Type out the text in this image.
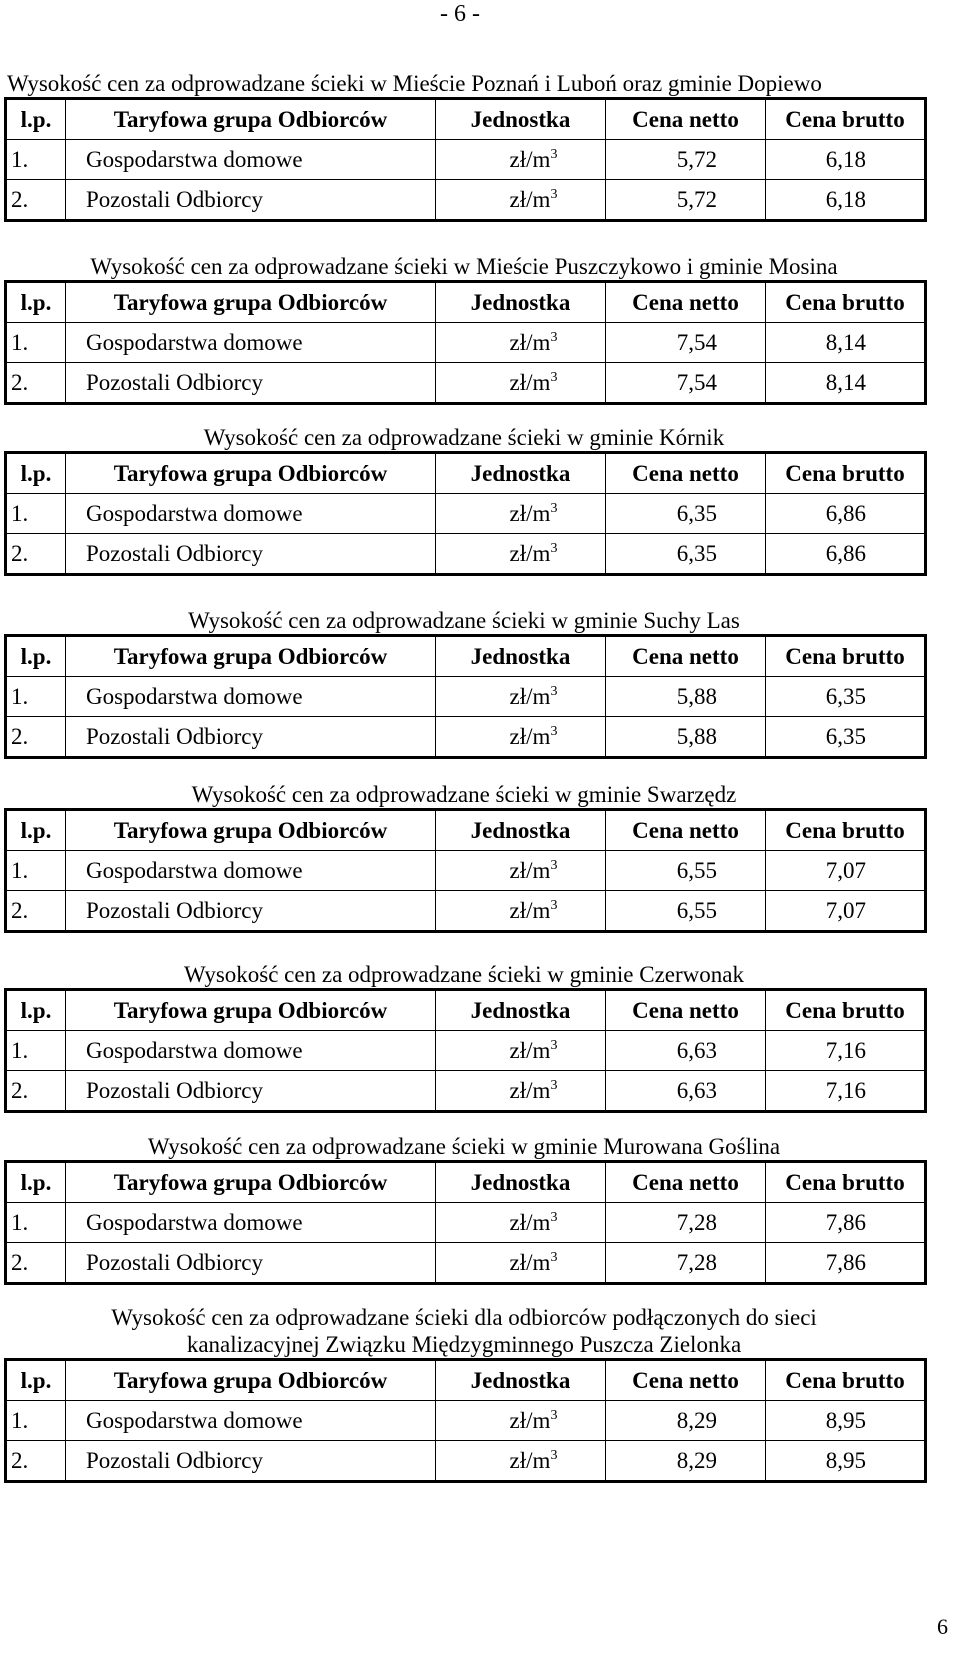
- 6 -
Wysokość cen za odprowadzane ścieki w Mieście Poznań i Luboń oraz gminie Dopiewo
l.p.	Taryfowa grupa Odbiorców	Jednostka	Cena netto	Cena brutto
1.	Gospodarstwa domowe	$zł/m^3$	5,72	6,18
2.	Pozostali Odbiorcy	$zł/m^3$	5,72	6,18
Wysokość cen za odprowadzane ścieki w Mieście Puszczykowo i gminie Mosina
l.p.	Taryfowa grupa Odbiorców	Jednostka	Cena netto	Cena brutto
1.	Gospodarstwa domowe	$zł/m^3$	7,54	8,14
2.	Pozostali Odbiorcy	$zł/m^3$	7,54	8,14
Wysokość cen za odprowadzane ścieki w gminie Kórnik
l.p.	Taryfowa grupa Odbiorców	Jednostka	Cena netto	Cena brutto
1.	Gospodarstwa domowe	$zł/m^3$	6,35	6,86
2.	Pozostali Odbiorcy	$zł/m^3$	6,35	6,86
Wysokość cen za odprowadzane ścieki w gminie Suchy Las
l.p.	Taryfowa grupa Odbiorców	Jednostka	Cena netto	Cena brutto
1.	Gospodarstwa domowe	$zł/m^3$	5,88	6,35
2.	Pozostali Odbiorcy	$zł/m^3$	5,88	6,35
Wysokość cen za odprowadzane ścieki w gminie Swarzędz
l.p.	Taryfowa grupa Odbiorców	Jednostka	Cena netto	Cena brutto
1.	Gospodarstwa domowe	$zł/m^3$	6,55	7,07
2.	Pozostali Odbiorcy	$zł/m^3$	6,55	7,07
Wysokość cen za odprowadzane ścieki w gminie Czerwonak
l.p.	Taryfowa grupa Odbiorców	Jednostka	Cena netto	Cena brutto
1.	Gospodarstwa domowe	$zł/m^3$	6,63	7,16
2.	Pozostali Odbiorcy	$zł/m^3$	6,63	7,16
Wysokość cen za odprowadzane ścieki w gminie Murowana Goślina
l.p.	Taryfowa grupa Odbiorców	Jednostka	Cena netto	Cena brutto
1.	Gospodarstwa domowe	$zł/m^3$	7,28	7,86
2.	Pozostali Odbiorcy	$zł/m^3$	7,28	7,86
Wysokość cen za odprowadzane ścieki dla odbiorców podłączonych do sieci
kanalizacyjnej Związku Międzygminnego Puszcza Zielonka
l.p.	Taryfowa grupa Odbiorców	Jednostka	Cena netto	Cena brutto
1.	Gospodarstwa domowe	$zł/m^3$	8,29	8,95
2.	Pozostali Odbiorcy	$zł/m^3$	8,29	8,95
6
